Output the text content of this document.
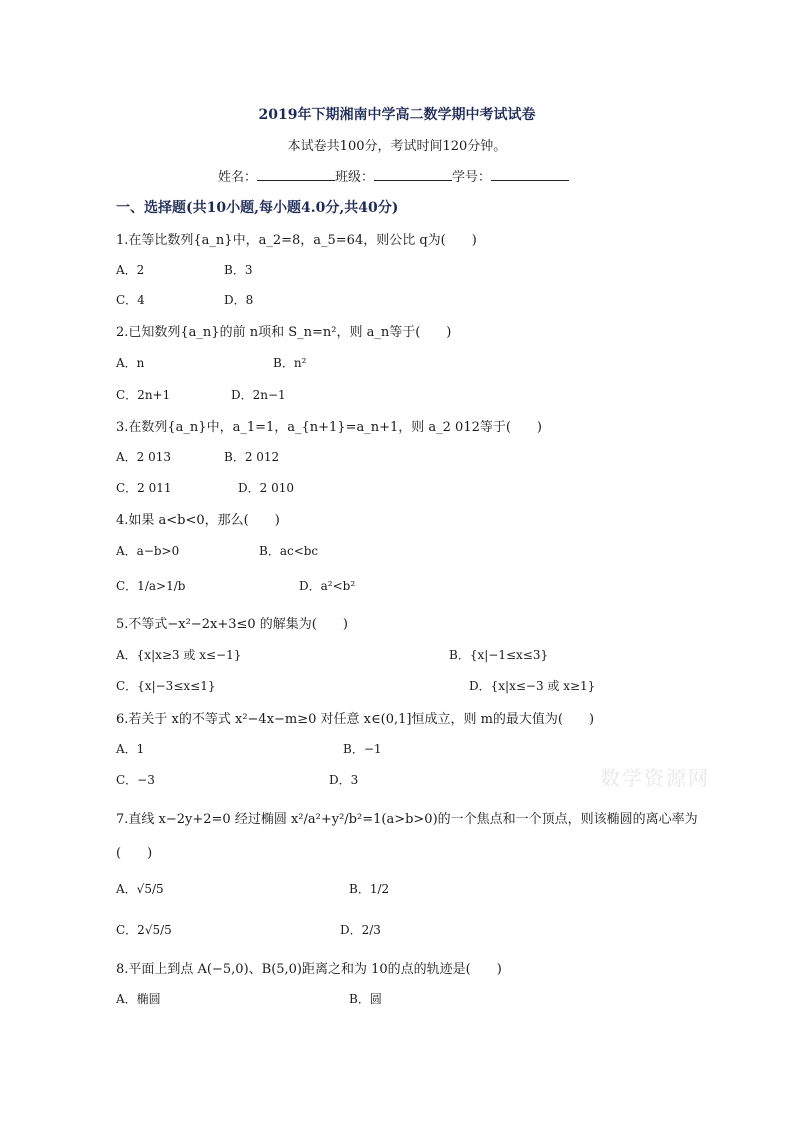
2019年下期湘南中学高二数学期中考试试卷
本试卷共100分，考试时间120分钟。
姓名：	班级：	学号：
一、选择题(共10小题,每小题4.0分,共40分)
1.在等比数列{a_n}中，a_2=8，a_5=64，则公比 q为(　　)
A．2	B．3
C．4	D．8
2.已知数列{a_n}的前 n项和 S_n=n²，则 a_n等于(　　)
A．n	B．n²
C．2n+1	D．2n−1
3.在数列{a_n}中，a_1=1，a_{n+1}=a_n+1，则 a_2 012等于(　　)
A．2 013	B．2 012
C．2 011	D．2 010
4.如果 a<b<0，那么(　　)
A．a−b>0	B．ac<bc
C．1/a>1/b	D．a²<b²
5.不等式−x²−2x+3≤0 的解集为(　　)
A．{x|x≥3 或 x≤−1}	B．{x|−1≤x≤3}
C．{x|−3≤x≤1}	D．{x|x≤−3 或 x≥1}
6.若关于 x的不等式 x²−4x−m≥0 对任意 x∈(0,1]恒成立，则 m的最大值为(　　)
A．1	B．−1
C．−3	D．3	数学资源网
7.直线 x−2y+2=0 经过椭圆 x²/a²+y²/b²=1(a>b>0)的一个焦点和一个顶点，则该椭圆的离心率为
(　　)
A．√5/5	B．1/2
C．2√5/5	D．2/3
8.平面上到点 A(−5,0)、B(5,0)距离之和为 10的点的轨迹是(　　)
A．椭圆	B．圆
